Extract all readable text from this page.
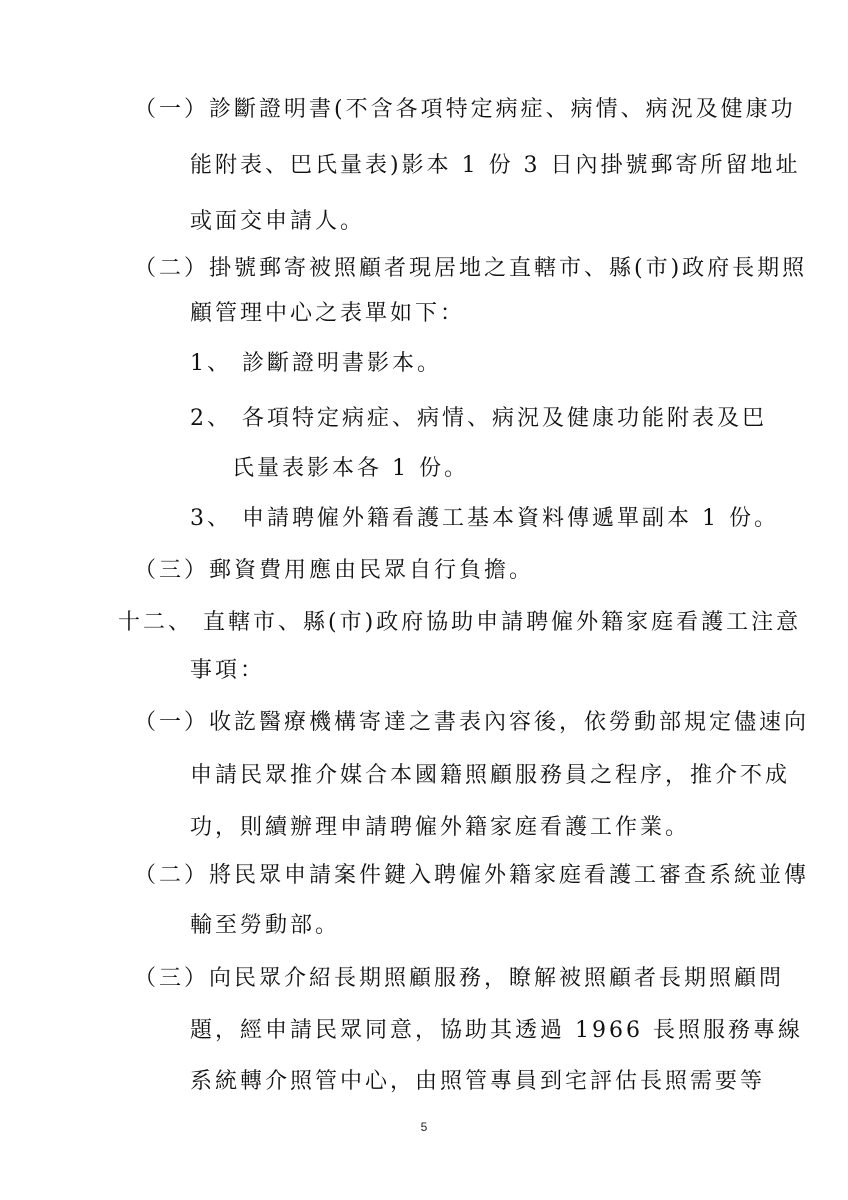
（一）診斷證明書(不含各項特定病症、病情、病況及健康功
能附表、巴氏量表)影本 1 份 3 日內掛號郵寄所留地址
或面交申請人。
（二）掛號郵寄被照顧者現居地之直轄市、縣(市)政府長期照
顧管理中心之表單如下：
1、 診斷證明書影本。
2、 各項特定病症、病情、病況及健康功能附表及巴
氏量表影本各 1 份。
3、 申請聘僱外籍看護工基本資料傳遞單副本 1 份。
（三）郵資費用應由民眾自行負擔。
十二、 直轄市、縣(市)政府協助申請聘僱外籍家庭看護工注意
事項：
（一）收訖醫療機構寄達之書表內容後，依勞動部規定儘速向
申請民眾推介媒合本國籍照顧服務員之程序，推介不成
功，則續辦理申請聘僱外籍家庭看護工作業。
（二）將民眾申請案件鍵入聘僱外籍家庭看護工審查系統並傳
輸至勞動部。
（三）向民眾介紹長期照顧服務，瞭解被照顧者長期照顧問
題，經申請民眾同意，協助其透過 1966 長照服務專線
系統轉介照管中心，由照管專員到宅評估長照需要等
5
